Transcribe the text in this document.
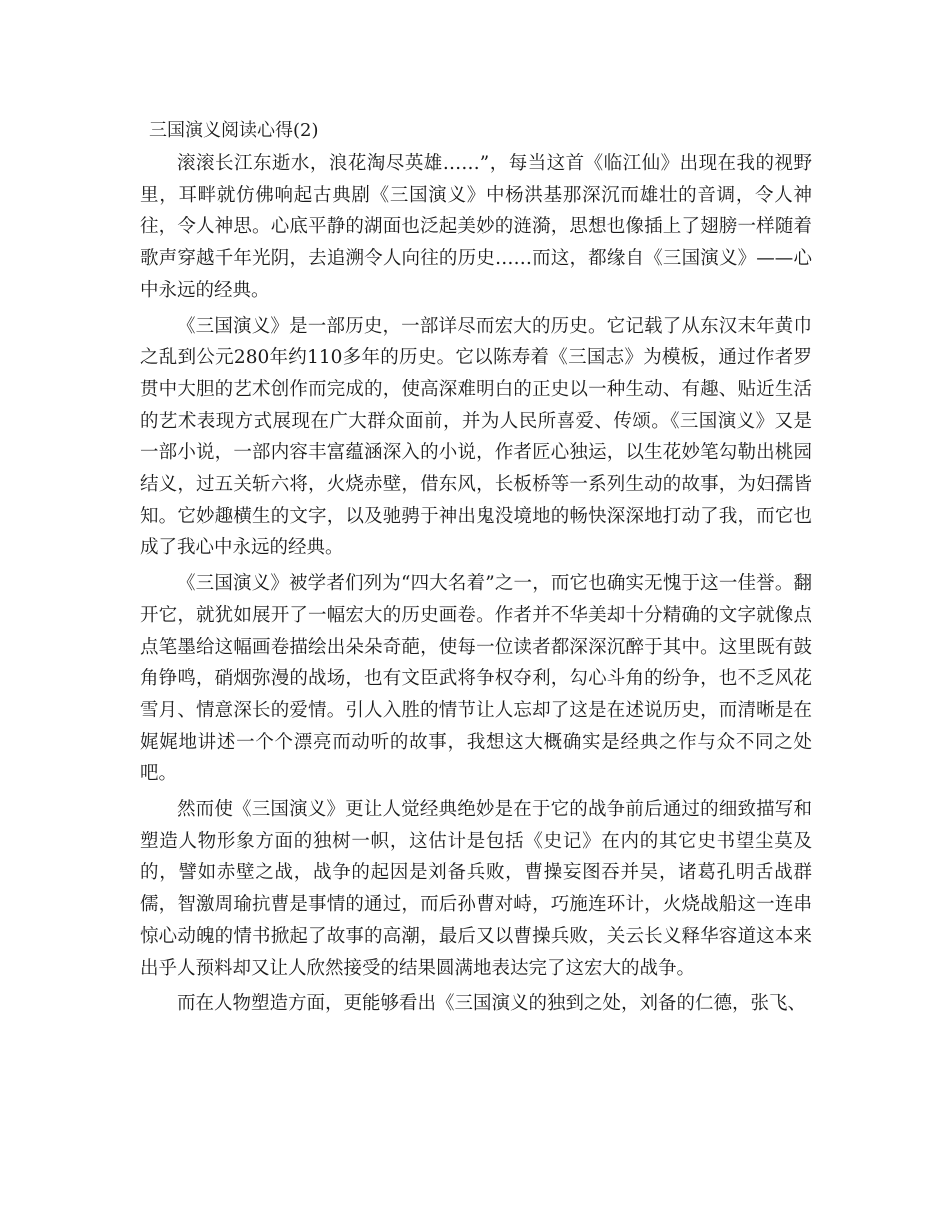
三国演义阅读心得(2)

滚滚长江东逝水，浪花淘尽英雄……”，每当这首《临江仙》出现在我的视野里，耳畔就仿佛响起古典剧《三国演义》中杨洪基那深沉而雄壮的音调，令人神往，令人神思。心底平静的湖面也泛起美妙的涟漪，思想也像插上了翅膀一样随着歌声穿越千年光阴，去追溯令人向往的历史……而这，都缘自《三国演义》——心中永远的经典。

《三国演义》是一部历史，一部详尽而宏大的历史。它记载了从东汉末年黄巾之乱到公元280年约110多年的历史。它以陈寿着《三国志》为模板，通过作者罗贯中大胆的艺术创作而完成的，使高深难明白的正史以一种生动、有趣、贴近生活的艺术表现方式展现在广大群众面前，并为人民所喜爱、传颂。《三国演义》又是一部小说，一部内容丰富蕴涵深入的小说，作者匠心独运，以生花妙笔勾勒出桃园结义，过五关斩六将，火烧赤壁，借东风，长板桥等一系列生动的故事，为妇孺皆知。它妙趣横生的文字，以及驰骋于神出鬼没境地的畅快深深地打动了我，而它也成了我心中永远的经典。

《三国演义》被学者们列为“四大名着”之一，而它也确实无愧于这一佳誉。翻开它，就犹如展开了一幅宏大的历史画卷。作者并不华美却十分精确的文字就像点点笔墨给这幅画卷描绘出朵朵奇葩，使每一位读者都深深沉醉于其中。这里既有鼓角铮鸣，硝烟弥漫的战场，也有文臣武将争权夺利，勾心斗角的纷争，也不乏风花雪月、情意深长的爱情。引人入胜的情节让人忘却了这是在述说历史，而清晰是在娓娓地讲述一个个漂亮而动听的故事，我想这大概确实是经典之作与众不同之处吧。

然而使《三国演义》更让人觉经典绝妙是在于它的战争前后通过的细致描写和塑造人物形象方面的独树一帜，这估计是包括《史记》在内的其它史书望尘莫及的，譬如赤壁之战，战争的起因是刘备兵败，曹操妄图吞并吴，诸葛孔明舌战群儒，智激周瑜抗曹是事情的通过，而后孙曹对峙，巧施连环计，火烧战船这一连串惊心动魄的情书掀起了故事的高潮，最后又以曹操兵败，关云长义释华容道这本来出乎人预料却又让人欣然接受的结果圆满地表达完了这宏大的战争。

而在人物塑造方面，更能够看出《三国演义的独到之处，刘备的仁德，张飞、
